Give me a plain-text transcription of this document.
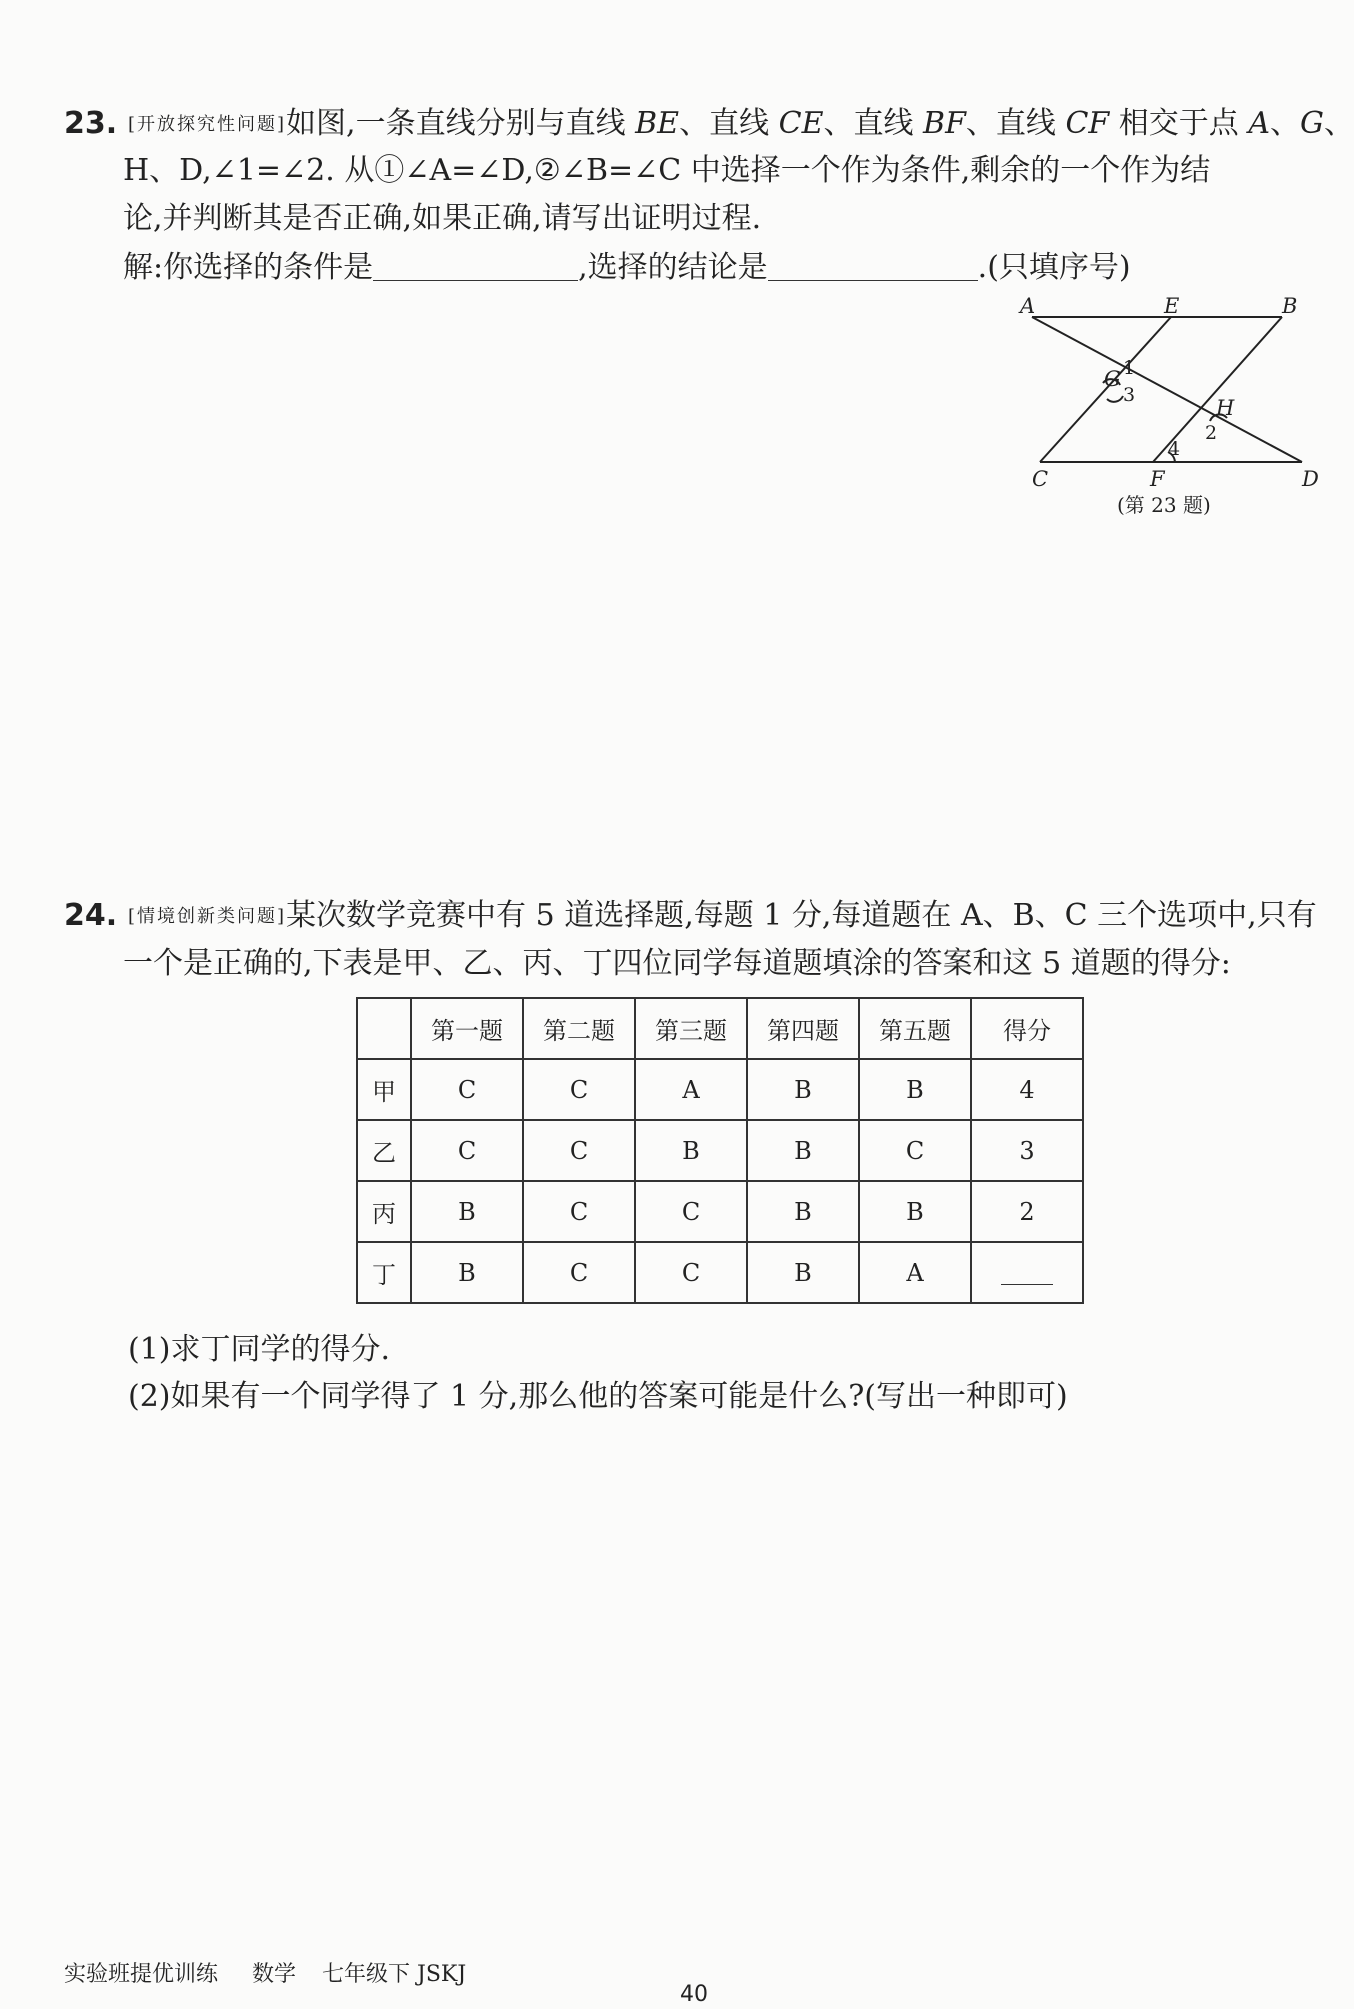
23. [开放探究性问题]如图,一条直线分别与直线 BE、直线 CE、直线 BF、直线 CF 相交于点 A、G、
H、D,∠1=∠2. 从①∠A=∠D,②∠B=∠C 中选择一个作为条件,剩余的一个作为结
论,并判断其是否正确,如果正确,请写出证明过程.
解:你选择的条件是	,选择的结论是	.(只填序号)
A	E	B
G
H
C	F	D
1
2
3
4
(第 23 题)
24. [情境创新类问题]某次数学竞赛中有 5 道选择题,每题 1 分,每道题在 A、B、C 三个选项中,只有
一个是正确的,下表是甲、乙、丙、丁四位同学每道题填涂的答案和这 5 道题的得分:
	第一题	第二题	第三题	第四题	第五题	得分
甲	C	C	A	B	B	4
乙	C	C	B	B	C	3
丙	B	C	C	B	B	2
丁	B	C	C	B	A	
(1)求丁同学的得分.
(2)如果有一个同学得了 1 分,那么他的答案可能是什么?(写出一种即可)
实验班提优训练 数学 七年级下 JSKJ
40
